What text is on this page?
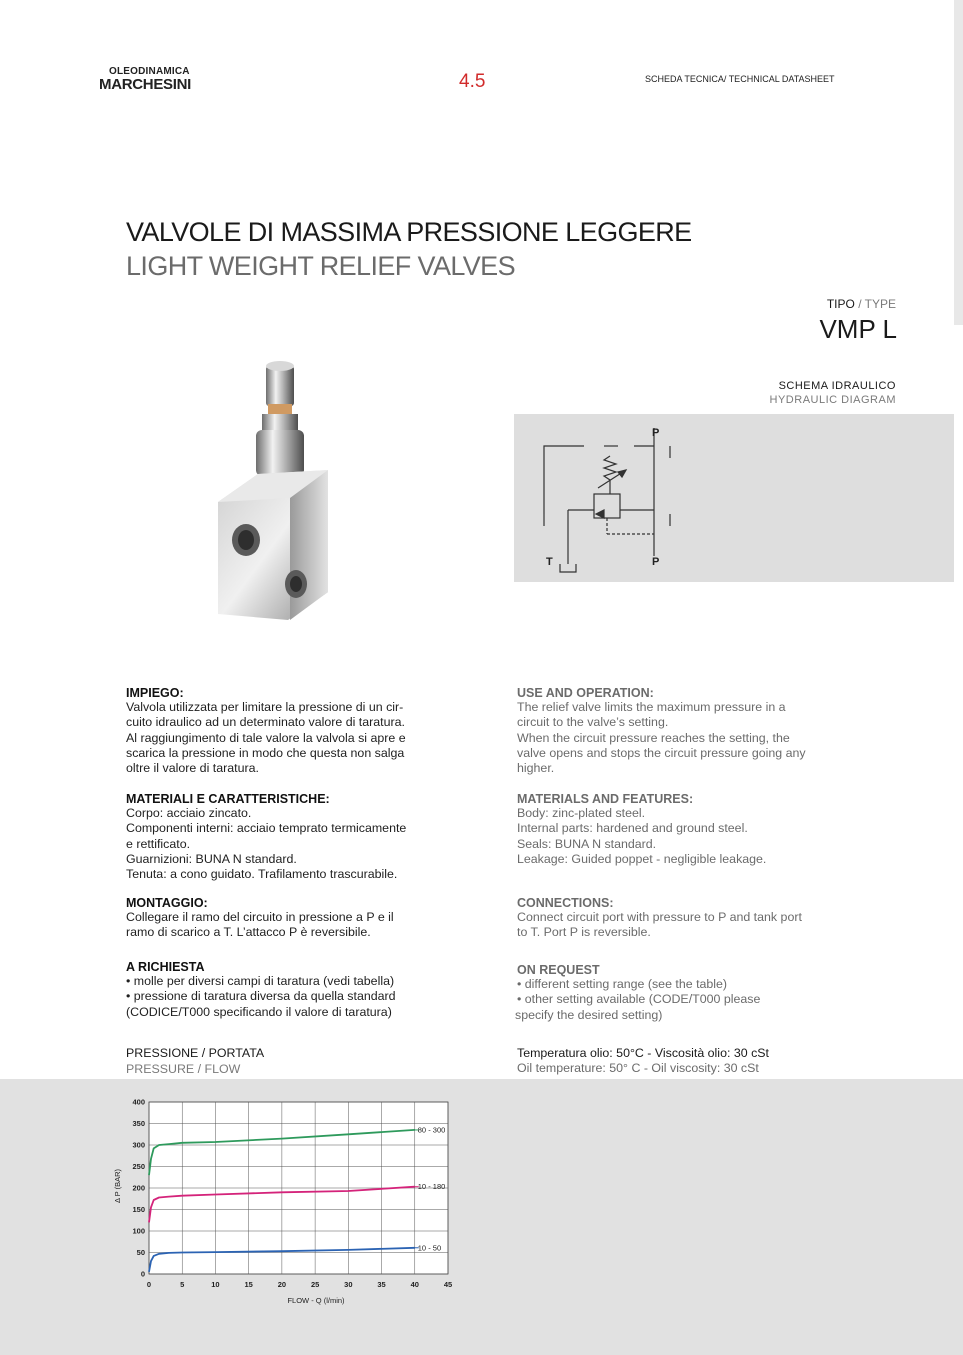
OLEODINAMICA
MARCHESINI	4.5	SCHEDA TECNICA/ TECHNICAL DATASHEET
VALVOLE DI MASSIMA PRESSIONE LEGGERE
LIGHT WEIGHT RELIEF VALVES
TIPO / TYPE
VMP L
SCHEMA IDRAULICO
HYDRAULIC DIAGRAM
P
P
T
IMPIEGO:
Valvola utilizzata per limitare la pressione di un cir-
cuito idraulico ad un determinato valore di taratura.
Al raggiungimento di tale valore la valvola si apre e
scarica la pressione in modo che questa non salga
oltre il valore di taratura.
MATERIALI E CARATTERISTICHE:
Corpo: acciaio zincato.
Componenti interni: acciaio temprato termicamente
e rettificato.
Guarnizioni: BUNA N standard.
Tenuta: a cono guidato. Trafilamento trascurabile.
MONTAGGIO:
Collegare il ramo del circuito in pressione a P e il
ramo di scarico a T. L’attacco P è reversibile.
A RICHIESTA
• molle per diversi campi di taratura (vedi tabella)
• pressione di taratura diversa da quella standard
(CODICE/T000 specificando il valore di taratura)
USE AND OPERATION:
The relief valve limits the maximum pressure in a
circuit to the valve’s setting.
When the circuit pressure reaches the setting, the
valve opens and stops the circuit pressure going any
higher.
MATERIALS AND FEATURES:
Body: zinc-plated steel.
Internal parts: hardened and ground steel.
Seals: BUNA N standard.
Leakage: Guided poppet - negligible leakage.
CONNECTIONS:
Connect circuit port with pressure to P and tank port
to T. Port P is reversible.
ON REQUEST
• different setting range (see the table)
• other setting available (CODE/T000 please
specify the desired setting)
PRESSIONE / PORTATA
PRESSURE / FLOW
Temperatura olio: 50°C - Viscosità olio: 30 cSt
Oil temperature: 50° C - Oil viscosity: 30 cSt
0	5	10	15	20	25	30	35	40	45
0
50
100
150
200
250
300
350
400
80 - 300
10 - 180
10 - 50
FLOW - Q (l/min)
Δ P (BAR)
